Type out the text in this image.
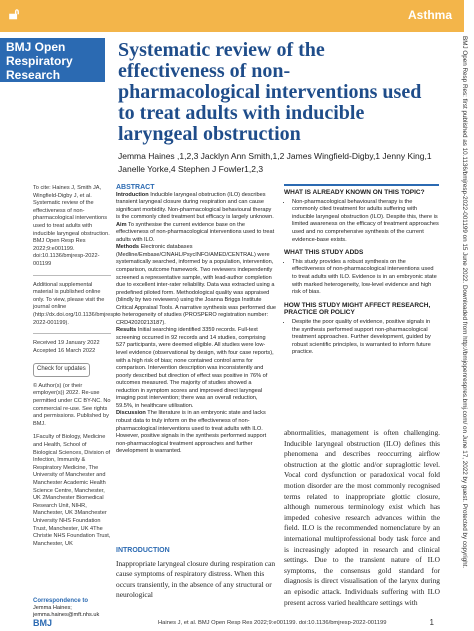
🔓︎	Asthma
BMJ Open
Respiratory
Research
Systematic review of the effectiveness of non-pharmacological interventions used to treat adults with inducible laryngeal obstruction
Jemma Haines ,1,2,3 Jacklyn Ann Smith,1,2 James Wingfield-Digby,1 Jenny King,1 Janelle Yorke,4 Stephen J Fowler1,2,3

To cite: Haines J, Smith JA, Wingfield-Digby J, et al. Systematic review of the effectiveness of non-pharmacological interventions used to treat adults with inducible laryngeal obstruction. BMJ Open Resp Res 2022;9:e001199. doi:10.1136/bmjresp-2022-001199

Additional supplemental material is published online only. To view, please visit the journal online (http://dx.doi.org/10.1136/bmjresp-2022-001199).

Received 19 January 2022

Accepted 16 March 2022

Check for updates

© Author(s) (or their employer(s)) 2022. Re-use permitted under CC BY-NC. No commercial re-use. See rights and permissions. Published by BMJ.

1Faculty of Biology, Medicine and Health, School of Biological Sciences, Division of Infection, Immunity & Respiratory Medicine, The University of Manchester and Manchester Academic Health Science Centre, Manchester, UK 2Manchester Biomedical Research Unit, NIHR, Manchester, UK 3Manchester University NHS Foundation Trust, Manchester, UK 4The Christie NHS Foundation Trust, Manchester, UK

ABSTRACT
Introduction Inducible laryngeal obstruction (ILO) describes transient laryngeal closure during respiration and can cause significant morbidity. Non-pharmacological behavioural therapy is the commonly cited treatment but efficacy is largely unknown.
Aim To synthesise the current evidence base on the effectiveness of non-pharmacological interventions used to treat adults with ILO.
Methods Electronic databases (Medline/Embase/CINAHL/PsycINFO/AMED/CENTRAL) were systematically searched, informed by a population, intervention, comparison, outcome framework. Two reviewers independently screened a representative sample, with lead-author completion due to excellent inter-rater reliability. Data was extracted using a predefined piloted form. Methodological quality was appraised (blindly by two reviewers) using the Joanna Briggs Institute Critical Appraisal Tools. A narrative synthesis was performed due to heterogeneity of studies (PROSPERO registration number: CRD42020213187).
Results Initial searching identified 3359 records. Full-text screening occurred in 92 records and 14 studies, comprising 527 participants, were deemed eligible. All studies were low-level evidence (observational by design, with four case reports), with a high risk of bias; none contained control arms for comparison. Intervention description was inconsistently and poorly described but direction of effect was positive in 76% of outcomes measured. The majority of studies showed a reduction in symptom scores and improved direct laryngeal imaging post intervention; there was an overall reduction, 59.5%, in healthcare utilisation.
Discussion The literature is in an embryonic state and lacks robust data to truly inform on the effectiveness of non-pharmacological interventions used to treat adults with ILO. However, positive signals in the synthesis performed support non-pharmacological treatment approaches and further development is warranted.
WHAT IS ALREADY KNOWN ON THIS TOPIC?
• Non-pharmacological behavioural therapy is the commonly cited treatment for adults suffering with inducible laryngeal obstruction (ILO). Despite this, there is limited awareness on the efficacy of treatment approaches used and no comprehensive synthesis of the current evidence-base exists.
WHAT THIS STUDY ADDS
• This study provides a robust synthesis on the effectiveness of non-pharmacological interventions used to treat adults with ILO. Evidence is in an embryonic state with marked heterogeneity, low-level evidence and high risk of bias.
HOW THIS STUDY MIGHT AFFECT RESEARCH, PRACTICE OR POLICY
• Despite the poor quality of evidence, positive signals in the synthesis performed support non-pharmacological treatment approaches. Further development, guided by robust scientific principles, is warranted to inform future practice.
abnormalities, management is often challenging. Inducible laryngeal obstruction (ILO) defines this phenomena and describes reoccurring airflow obstruction at the glottic and/or supraglottic level. Vocal cord dysfunction or paradoxical vocal fold motion disorder are the most commonly recognised terms related to inappropriate glottic closure, although numerous terminology exist which has impeded cohesive research advances within the field. ILO is the recommended nomenclature by an international multiprofessional body task force and is increasingly adopted in research and clinical settings. Due to the transient nature of ILO symptoms, the consensus gold standard for diagnosis is direct visualisation of the larynx during an episodic attack. Individuals suffering with ILO present across varied healthcare settings with
INTRODUCTION
Inappropriate laryngeal closure during respiration can cause symptoms of respiratory distress. When this occurs transiently, in the absence of any structural or neurological
Correspondence to
Jemma Haines;
jemma.haines@mft.nhs.uk
BMJ	Haines J, et al. BMJ Open Resp Res 2022;9:e001199. doi:10.1136/bmjresp-2022-001199	1
BMJ Open Resp Res: first published as 10.1136/bmjresp-2022-001199 on 15 June 2022. Downloaded from http://bmjopenrespres.bmj.com/ on June 17, 2022 by guest. Protected by copyright.
